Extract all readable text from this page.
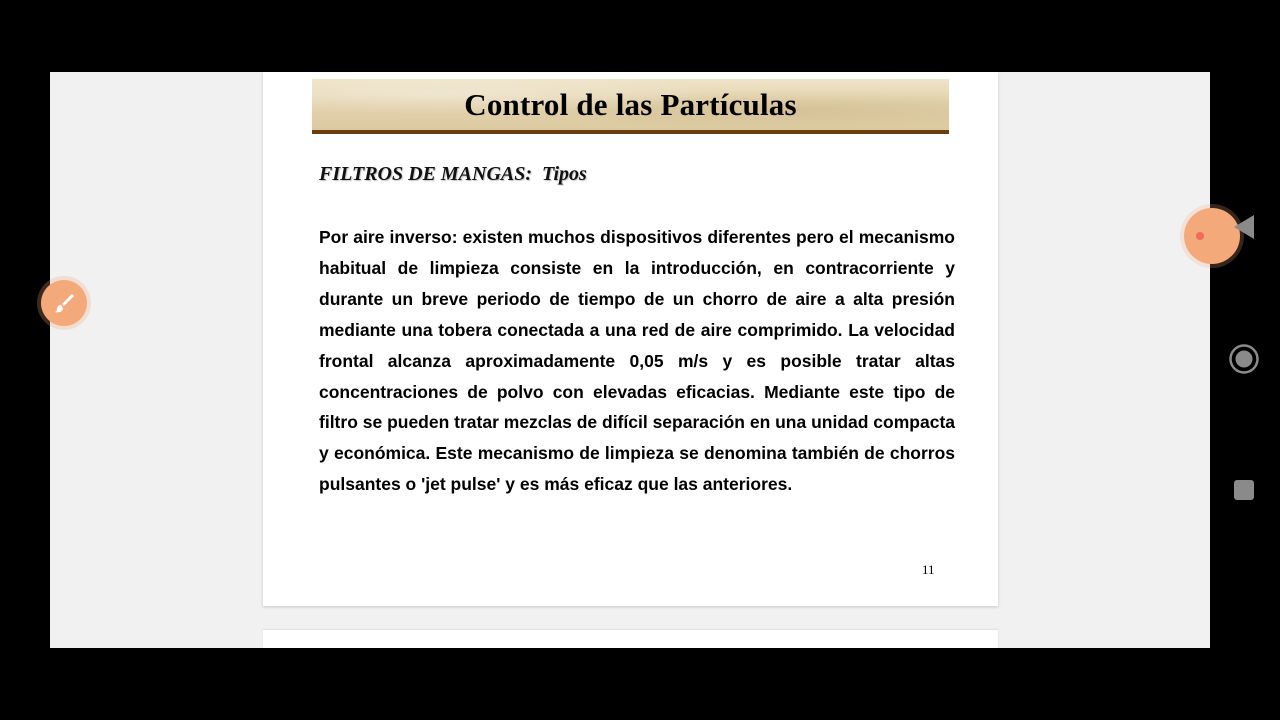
Control de las Partículas
FILTROS DE MANGAS:  Tipos

Por aire inverso: existen muchos dispositivos diferentes pero el mecanismo habitual de limpieza consiste en la introducción, en contracorriente y durante un breve periodo de tiempo de un chorro de aire a alta presión mediante una tobera conectada a una red de aire comprimido. La velocidad frontal alcanza aproximadamente 0,05 m/s y es posible tratar altas concentraciones de polvo con elevadas eficacias. Mediante este tipo de filtro se pueden tratar mezclas de difícil separación en una unidad compacta y económica. Este mecanismo de limpieza se denomina también de chorros pulsantes o 'jet pulse' y es más eficaz que las anteriores.

11
